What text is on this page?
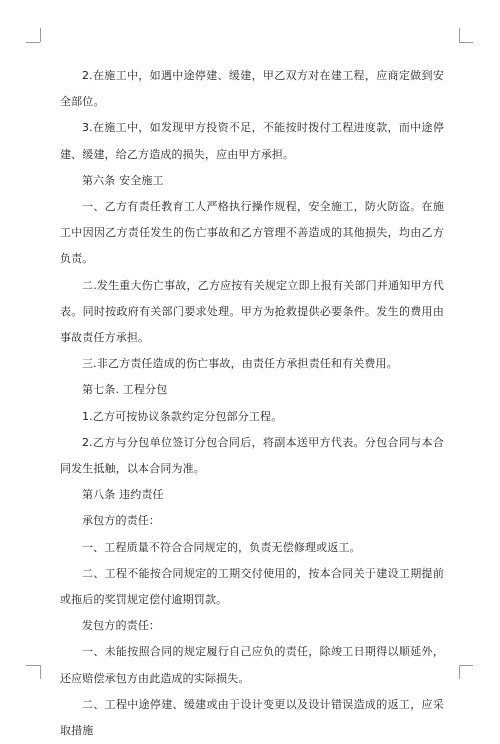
2.在施工中，如遇中途停建、缓建，甲乙双方对在建工程，应商定做到安全部位。

3.在施工中，如发现甲方投资不足，不能按时拨付工程进度款，而中途停建、缓建，给乙方造成的损失，应由甲方承担。

第六条 安全施工

一、乙方有责任教育工人严格执行操作规程，安全施工，防火防盗。在施工中因因乙方责任发生的伤亡事故和乙方管理不善造成的其他损失，均由乙方负责。

二.发生重大伤亡事故，乙方应按有关规定立即上报有关部门并通知甲方代表。同时按政府有关部门要求处理。甲方为抢救提供必要条件。发生的费用由事故责任方承担。

三.非乙方责任造成的伤亡事故，由责任方承担责任和有关费用。

第七条. 工程分包

1.乙方可按协议条款约定分包部分工程。

2.乙方与分包单位签订分包合同后，将副本送甲方代表。分包合同与本合同发生抵触，以本合同为准。

第八条 违约责任

承包方的责任：

一、工程质量不符合合同规定的，负责无偿修理或返工。

二、工程不能按合同规定的工期交付使用的，按本合同关于建设工期提前或拖后的奖罚规定偿付逾期罚款。

发包方的责任：

一、未能按照合同的规定履行自己应负的责任，除竣工日期得以顺延外，还应赔偿承包方由此造成的实际损失。

二、工程中途停建、缓建或由于设计变更以及设计错误造成的返工，应采取措施
